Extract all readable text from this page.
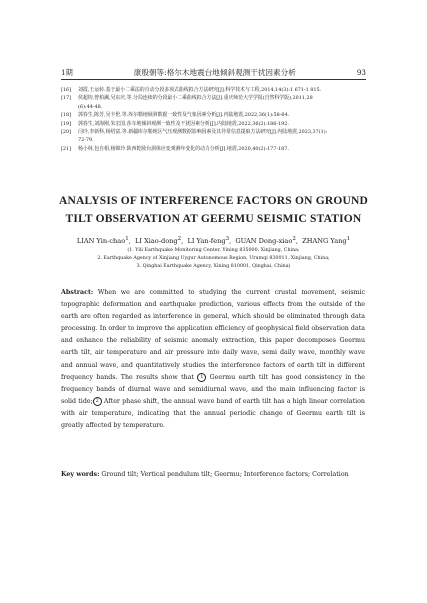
1期	康殷朝等:格尔木地震台地倾斜观测干扰因素分析	93
[16]	刘霞,王运转.基于最小二乘法的自动分段多项式曲线拟合方法研究[J].科学技术与工程,2014,14(3):1 671-1 815.
[17]	侯超钧,曾柏澜,吴东庆,等.分局连续的分段最小二乘曲线拟合方法[J].重庆师范大学学报(自然科学版),2011,28
(6):44-48.
[18]	郭春生,陈芳,吴丰伦,等.库尔勒地倾斜数据一致性及气象因素分析[J].内陆地震,2022,36(1):58-64.
[19]	郭春生,刘海刚,朱宏国.莎车地倾斜观测一致性及干扰因素分析[J].内陆地震,2022,36(2):186-192.
[20]	闫玲,李新科,杨绍富,等.新疆库尔勒地区气压观测数据影响因素及其异常信息提取方法研究[J].内陆地震,2023,37(1):
72-79.
[21]	杨小林,包自相,杨锦玲.陕西乾陵台洞体应变观测年变化的动力分析[J].地震,2020,40(2):177-187.
ANALYSIS OF INTERFERENCE FACTORS ON GROUND
TILT OBSERVATION AT GEERMU SEISMIC STATION
LIAN Yin-chao$^1$,  LI Xiao-dong$^2$,  LI Yan-feng$^3$,  GUAN Dong-xiao$^2$,  ZHANG Yang$^1$
(1. Yili Earthquake Monitoring Center, Yining 835000, Xinjiang, China;
2. Earthquake Agency of Xinjiang Uygur Autonomous Region, Urumqi 830011, Xinjiang, China;
3. Qinghai Earthquake Agency, Xining 810001, Qinghai, China)
Abstract: When we are committed to studying the current crustal movement, seismic topographic deformation and earthquake prediction, various effects from the outside of the earth are often regarded as interference in general, which should be eliminated through data processing. In order to improve the application efficiency of geophysical field observation data and enhance the reliability of seismic anomaly extraction, this paper decomposes Geermu earth tilt, air temperature and air pressure into daily wave, semi daily wave, monthly wave and annual wave, and quantitatively studies the interference factors of earth tilt in different frequency bands. The results show that 1 Geermu earth tilt has good consistency in the frequency bands of diurnal wave and semidiurnal wave, and the main influencing factor is solid tide; 2 After phase shift, the annual wave band of earth tilt has a high linear correlation with air temperature, indicating that the annual periodic change of Geermu earth tilt is greatly affected by temperature.
Key words: Ground tilt; Vertical pendulum tilt; Geermu; Interference factors; Correlation
